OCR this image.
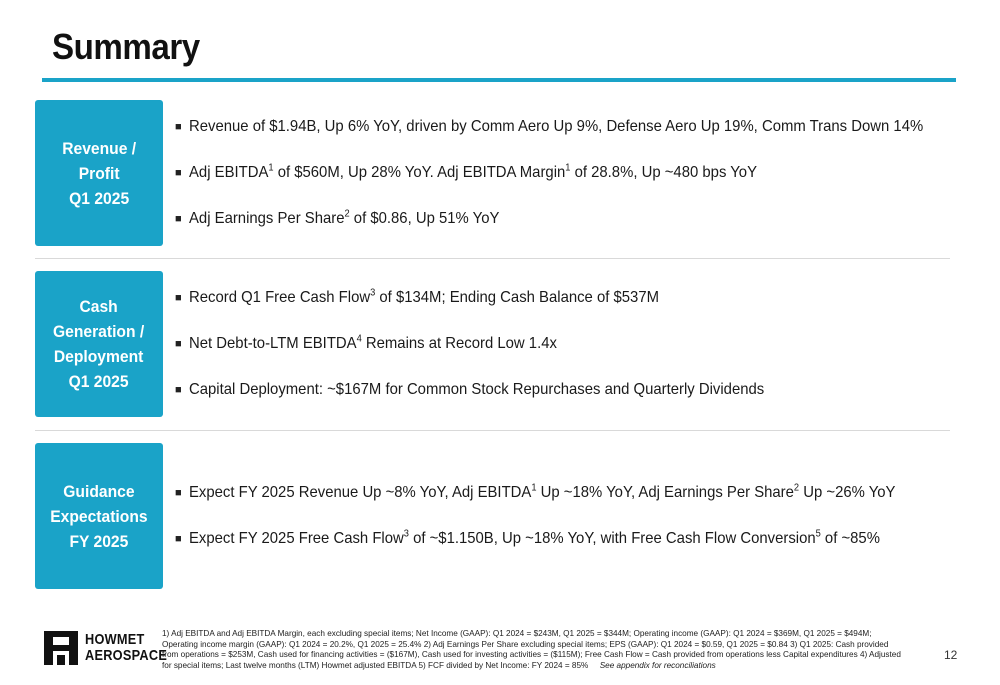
Summary
Revenue /
Profit
Q1 2025
■ Revenue of $1.94B, Up 6% YoY, driven by Comm Aero Up 9%, Defense Aero Up 19%, Comm Trans Down 14%
■ Adj EBITDA$^1$ of $560M, Up 28% YoY. Adj EBITDA Margin$^1$ of 28.8%, Up ~480 bps YoY
■ Adj Earnings Per Share$^2$ of $0.86, Up 51% YoY
Cash
Generation /
Deployment
Q1 2025
■ Record Q1 Free Cash Flow$^3$ of $134M; Ending Cash Balance of $537M
■ Net Debt-to-LTM EBITDA$^4$ Remains at Record Low 1.4x
■ Capital Deployment: ~$167M for Common Stock Repurchases and Quarterly Dividends
Guidance
Expectations
FY 2025
■ Expect FY 2025 Revenue Up ~8% YoY, Adj EBITDA$^1$ Up ~18% YoY, Adj Earnings Per Share$^2$ Up ~26% YoY
■ Expect FY 2025 Free Cash Flow$^3$ of ~$1.150B, Up ~18% YoY, with Free Cash Flow Conversion$^5$ of ~85%
HOWMET
AEROSPACE
1) Adj EBITDA and Adj EBITDA Margin, each excluding special items; Net Income (GAAP): Q1 2024 = $243M, Q1 2025 = $344M; Operating income (GAAP): Q1 2024 = $369M, Q1 2025 = $494M; Operating income margin (GAAP): Q1 2024 = 20.2%, Q1 2025 = 25.4% 2) Adj Earnings Per Share excluding special items; EPS (GAAP): Q1 2024 = $0.59, Q1 2025 = $0.84 3) Q1 2025: Cash provided from operations = $253M, Cash used for financing activities = ($167M), Cash used for investing activities = ($115M); Free Cash Flow = Cash provided from operations less Capital expenditures 4) Adjusted for special items; Last twelve months (LTM) Howmet adjusted EBITDA 5) FCF divided by Net Income: FY 2024 = 85% See appendix for reconciliations
12
